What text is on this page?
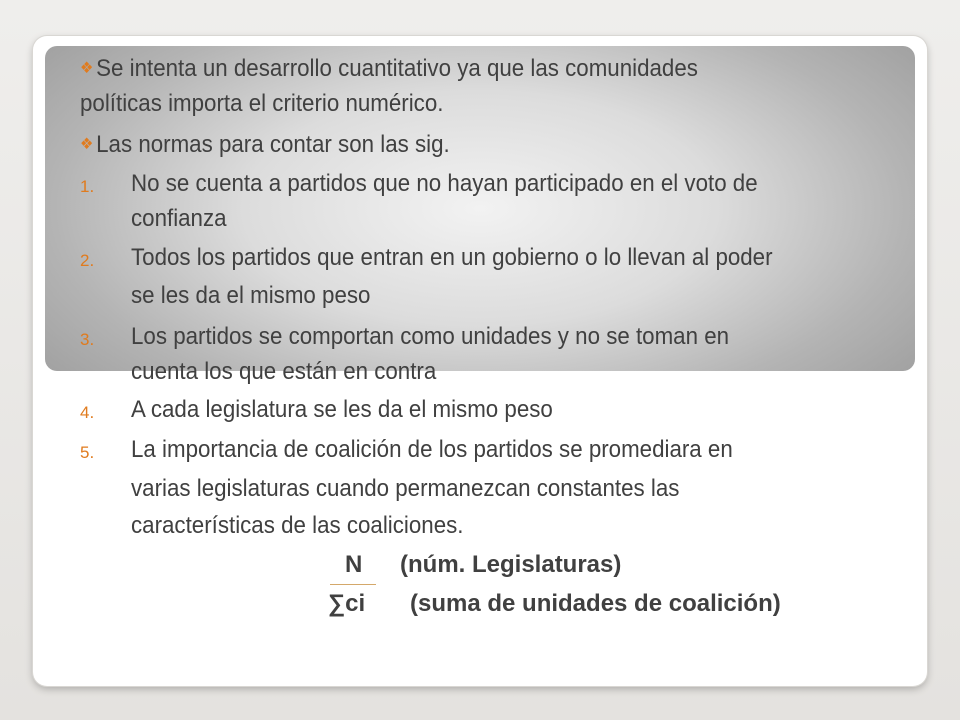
❖ Se intenta un desarrollo cuantitativo ya que las comunidades
políticas importa el criterio numérico.
❖ Las normas para contar son las sig.
1. No se cuenta a partidos que no hayan participado en el voto de
confianza
2. Todos los partidos que entran en un gobierno o lo llevan al poder
se les da el mismo peso
3. Los partidos se comportan como unidades y no se toman en
cuenta los que están en contra
4. A cada legislatura se les da el mismo peso
5. La importancia de coalición de los partidos se promediara en
varias legislaturas cuando permanezcan constantes las
características de las coaliciones.
N (núm. Legislaturas)
∑ci (suma de unidades de coalición)
